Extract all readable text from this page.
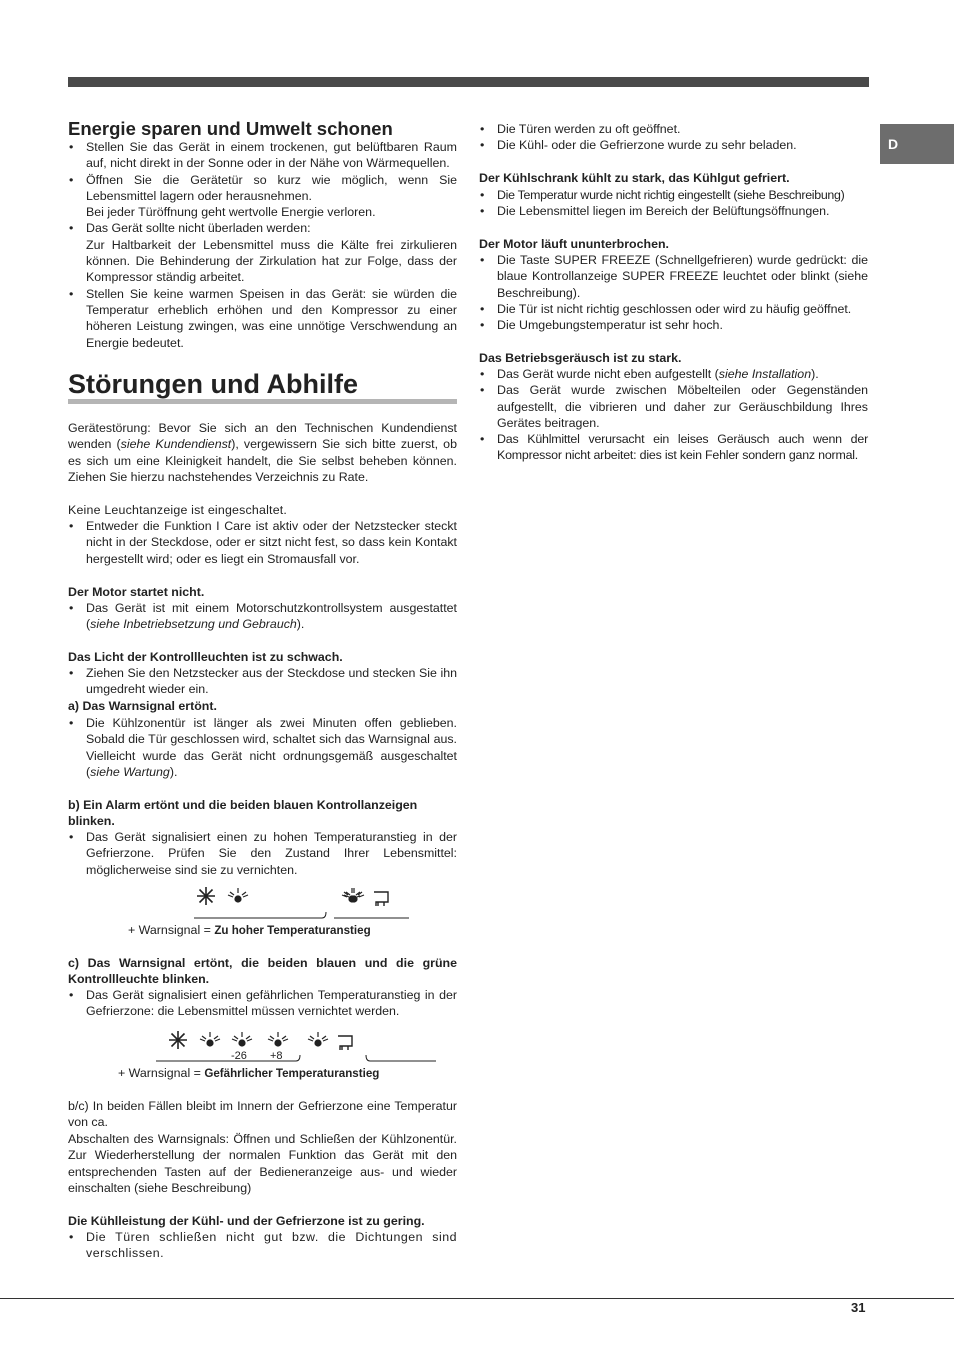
D
Energie sparen und Umwelt schonen
• Stellen Sie das Gerät in einem trockenen, gut belüftbaren Raum auf, nicht direkt in der Sonne oder in der Nähe von Wärmequellen.
• Öffnen Sie die Gerätetür so kurz wie möglich, wenn Sie Lebensmittel lagern oder herausnehmen.
Bei jeder Türöffnung geht wertvolle Energie verloren.
• Das Gerät sollte nicht überladen werden:
Zur Haltbarkeit der Lebensmittel muss die Kälte frei zirkulieren können. Die Behinderung der Zirkulation hat zur Folge, dass der Kompressor ständig arbeitet.
• Stellen Sie keine warmen Speisen in das Gerät: sie würden die Temperatur erheblich erhöhen und den Kompressor zu einer höheren Leistung zwingen, was eine unnötige Verschwendung an Energie bedeutet.
Störungen und Abhilfe
Gerätestörung: Bevor Sie sich an den Technischen Kundendienst wenden (siehe Kundendienst), vergewissern Sie sich bitte zuerst, ob es sich um eine Kleinigkeit handelt, die Sie selbst beheben können. Ziehen Sie hierzu nachstehendes Verzeichnis zu Rate.
Keine Leuchtanzeige ist eingeschaltet.
• Entweder die Funktion I Care ist aktiv oder der Netzstecker steckt nicht in der Steckdose, oder er sitzt nicht fest, so dass kein Kontakt hergestellt wird; oder es liegt ein Stromausfall vor.
Der Motor startet nicht.
• Das Gerät ist mit einem Motorschutzkontrollsystem ausgestattet (siehe Inbetriebsetzung und Gebrauch).
Das Licht der Kontrollleuchten ist zu schwach.
• Ziehen Sie den Netzstecker aus der Steckdose und stecken Sie ihn umgedreht wieder ein.
a) Das Warnsignal ertönt.
• Die Kühlzonentür ist länger als zwei Minuten offen geblieben. Sobald die Tür geschlossen wird, schaltet sich das Warnsignal aus. Vielleicht wurde das Gerät nicht ordnungsgemäß ausgeschaltet (siehe Wartung).
b) Ein Alarm ertönt und die beiden blauen Kontrollanzeigen blinken.
• Das Gerät signalisiert einen zu hohen Temperaturanstieg in der Gefrierzone. Prüfen Sie den Zustand Ihrer Lebensmittel: möglicherweise sind sie zu vernichten.
+ Warnsignal = Zu hoher Temperaturanstieg
c) Das Warnsignal ertönt, die beiden blauen und die grüne Kontrollleuchte blinken.
• Das Gerät signalisiert einen gefährlichen Temperaturanstieg in der Gefrierzone: die Lebensmittel müssen vernichtet werden.
-26 +8
+ Warnsignal = Gefährlicher Temperaturanstieg
b/c) In beiden Fällen bleibt im Innern der Gefrierzone eine Temperatur von ca.
Abschalten des Warnsignals: Öffnen und Schließen der Kühlzonentür. Zur Wiederherstellung der normalen Funktion das Gerät mit den entsprechenden Tasten auf der Bedieneranzeige aus- und wieder einschalten (siehe Beschreibung)
Die Kühlleistung der Kühl- und der Gefrierzone ist zu gering.
• Die Türen schließen nicht gut bzw. die Dichtungen sind verschlissen.
• Die Türen werden zu oft geöffnet.
• Die Kühl- oder die Gefrierzone wurde zu sehr beladen.
Der Kühlschrank kühlt zu stark, das Kühlgut gefriert.
• Die Temperatur wurde nicht richtig eingestellt (siehe Beschreibung)
• Die Lebensmittel liegen im Bereich der Belüftungsöffnungen.
Der Motor läuft ununterbrochen.
• Die Taste SUPER FREEZE (Schnellgefrieren) wurde gedrückt: die blaue Kontrollanzeige SUPER FREEZE leuchtet oder blinkt (siehe Beschreibung).
• Die Tür ist nicht richtig geschlossen oder wird zu häufig geöffnet.
• Die Umgebungstemperatur ist sehr hoch.
Das Betriebsgeräusch ist zu stark.
• Das Gerät wurde nicht eben aufgestellt (siehe Installation).
• Das Gerät wurde zwischen Möbelteilen oder Gegenständen aufgestellt, die vibrieren und daher zur Geräuschbildung Ihres Gerätes beitragen.
• Das Kühlmittel verursacht ein leises Geräusch auch wenn der Kompressor nicht arbeitet: dies ist kein Fehler sondern ganz normal.
31
